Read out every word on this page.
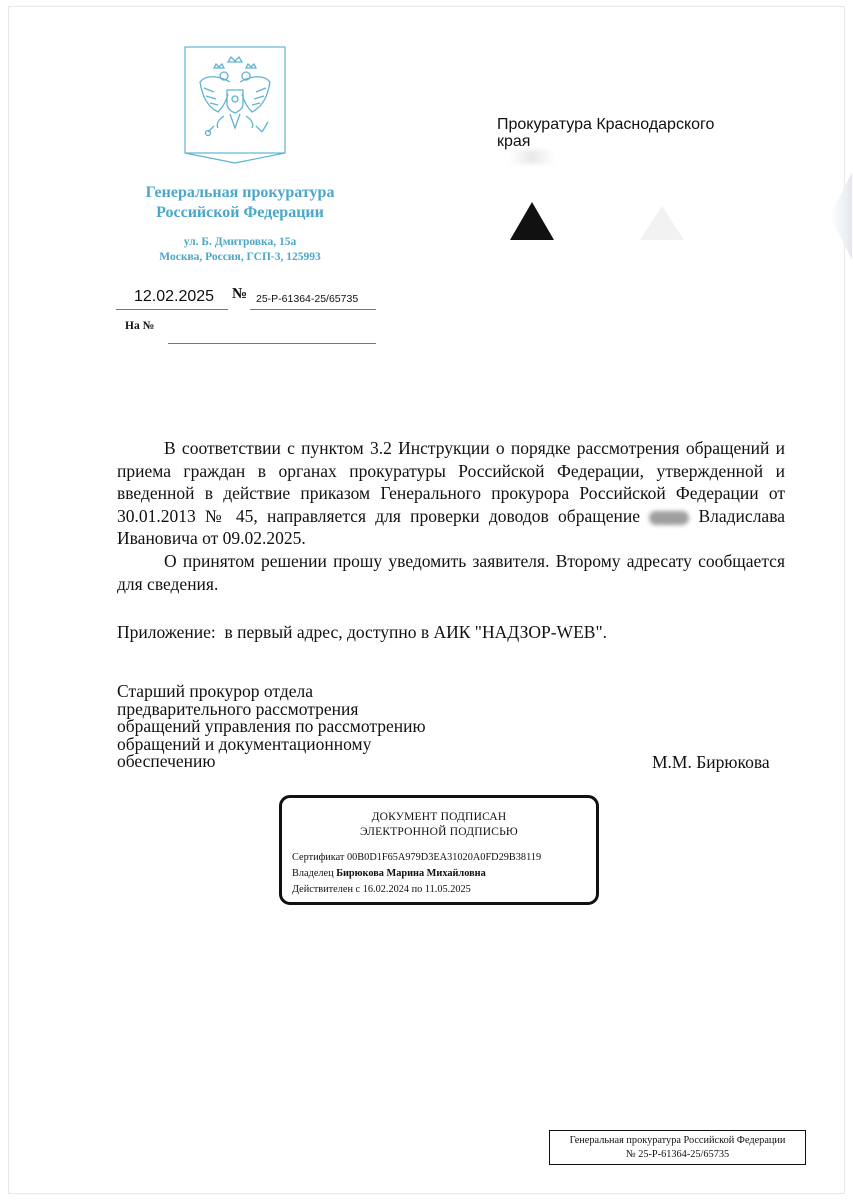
Генеральная прокуратура
Российской Федерации
ул. Б. Дмитровка, 15а
Москва, Россия, ГСП-3, 125993
12.02.2025 № 25-Р-61364-25/65735
На №
Прокуратура Краснодарского
края

В соответствии с пунктом 3.2 Инструкции о порядке рассмотрения обращений и приема граждан в органах прокуратуры Российской Федерации, утвержденной и введенной в действие приказом Генерального прокурора Российской Федерации от 30.01.2013 № 45, направляется для проверки доводов обращение  Владислава Ивановича от 09.02.2025.

О принятом решении прошу уведомить заявителя. Второму адресату сообщается для сведения.

Приложение:  в первый адрес, доступно в АИК "НАДЗОР-WEB".
Старший прокурор отдела
предварительного рассмотрения
обращений управления по рассмотрению
обращений и документационному
обеспечению	М.М. Бирюкова
ДОКУМЕНТ ПОДПИСАН
ЭЛЕКТРОННОЙ ПОДПИСЬЮ
Сертификат 00B0D1F65A979D3EA31020A0FD29B38119
Владелец Бирюкова Марина Михайловна
Действителен с 16.02.2024 по 11.05.2025
Генеральная прокуратура Российской Федерации
№ 25-Р-61364-25/65735
